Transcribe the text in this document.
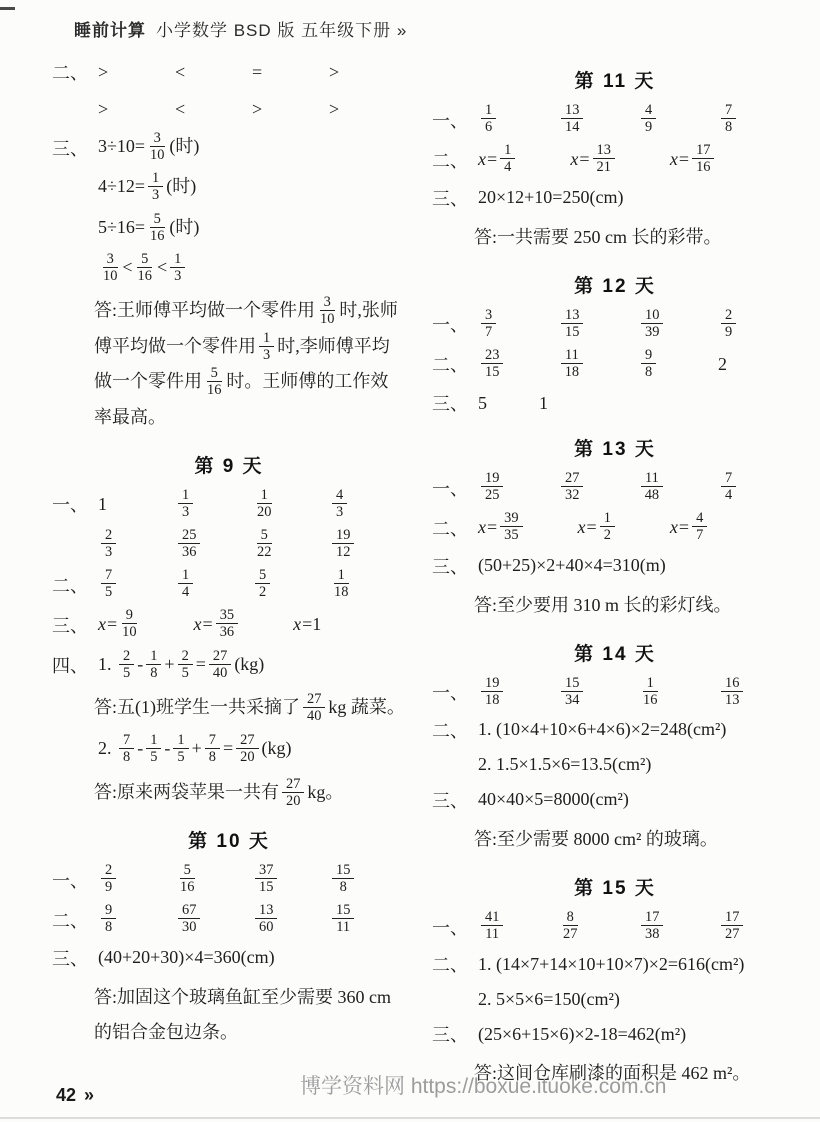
睡前计算 小学数学 BSD 版 五年级下册 »
二、 >	<	=	>
>	<	>	>
三、 $3\div 10= \frac{3}{10}$ (时)
$4\div 12= \frac{1}{3}$ (时)
$5\div 16= \frac{5}{16}$ (时)
$\frac{3}{10} < \frac{5}{16} < \frac{1}{3}$
答:王师傅平均做一个零件用 $\frac{3}{10}$ 时,张师傅平均做一个零件用 $\frac{1}{3}$ 时,李师傅平均做一个零件用 $\frac{5}{16}$ 时。王师傅的工作效率最高。
第 9 天
一、 1	$\frac{1}{3}$	$\frac{1}{20}$	$\frac{4}{3}$
$\frac{2}{3}$	$\frac{25}{36}$	$\frac{5}{22}$	$\frac{19}{12}$
二、 $\frac{7}{5}$	$\frac{1}{4}$	$\frac{5}{2}$	$\frac{1}{18}$
三、 $x = \frac{9}{10}$	$x = \frac{35}{36}$	x =1
四、 1. $\frac{2}{5} - \frac{1}{8} + \frac{2}{5} = \frac{27}{40} (kg)$
答:五(1)班学生一共采摘了 $\frac{27}{40}$ kg 蔬菜。
2. $\frac{7}{8} - \frac{1}{5} - \frac{1}{5} + \frac{7}{8} = \frac{27}{20} (kg)$
答:原来两袋苹果一共有 $\frac{27}{20}$ kg。
第 10 天
一、 $\frac{2}{9}$	$\frac{5}{16}$	$\frac{37}{15}$	$\frac{15}{8}$
二、 $\frac{9}{8}$	$\frac{67}{30}$	$\frac{13}{60}$	$\frac{15}{11}$
三、 (40+20+30)×4=360(cm)
答:加固这个玻璃鱼缸至少需要 360 cm 的铝合金包边条。
第 11 天
一、 $\frac{1}{6}$	$\frac{13}{14}$	$\frac{4}{9}$	$\frac{7}{8}$
二、 $x = \frac{1}{4}$	$x = \frac{13}{21}$	$x = \frac{17}{16}$
三、 20×12+10=250(cm)
答:一共需要 250 cm 长的彩带。
第 12 天
一、 $\frac{3}{7}$	$\frac{13}{15}$	$\frac{10}{39}$	$\frac{2}{9}$
二、 $\frac{23}{15}$	$\frac{11}{18}$	$\frac{9}{8}$	2
三、 5	1
第 13 天
一、 $\frac{19}{25}$	$\frac{27}{32}$	$\frac{11}{48}$	$\frac{7}{4}$
二、 $x = \frac{39}{35}$	$x = \frac{1}{2}$	$x = \frac{4}{7}$
三、 (50+25)×2+40×4=310(m)
答:至少要用 310 m 长的彩灯线。
第 14 天
一、 $\frac{19}{18}$	$\frac{15}{34}$	$\frac{1}{16}$	$\frac{16}{13}$
二、 1. (10×4+10×6+4×6)×2=248(cm²)
2. 1.5×1.5×6=13.5(cm²)
三、 40×40×5=8000(cm²)
答:至少需要 8000 cm² 的玻璃。
第 15 天
一、 $\frac{41}{11}$	$\frac{8}{27}$	$\frac{17}{38}$	$\frac{17}{27}$
二、 1. (14×7+14×10+10×7)×2=616(cm²)
2. 5×5×6=150(cm²)
三、 (25×6+15×6)×2-18=462(m²)
答:这间仓库刷漆的面积是 462 m²。
博学资料网 https://boxue.ituoke.com.cn
42 »
